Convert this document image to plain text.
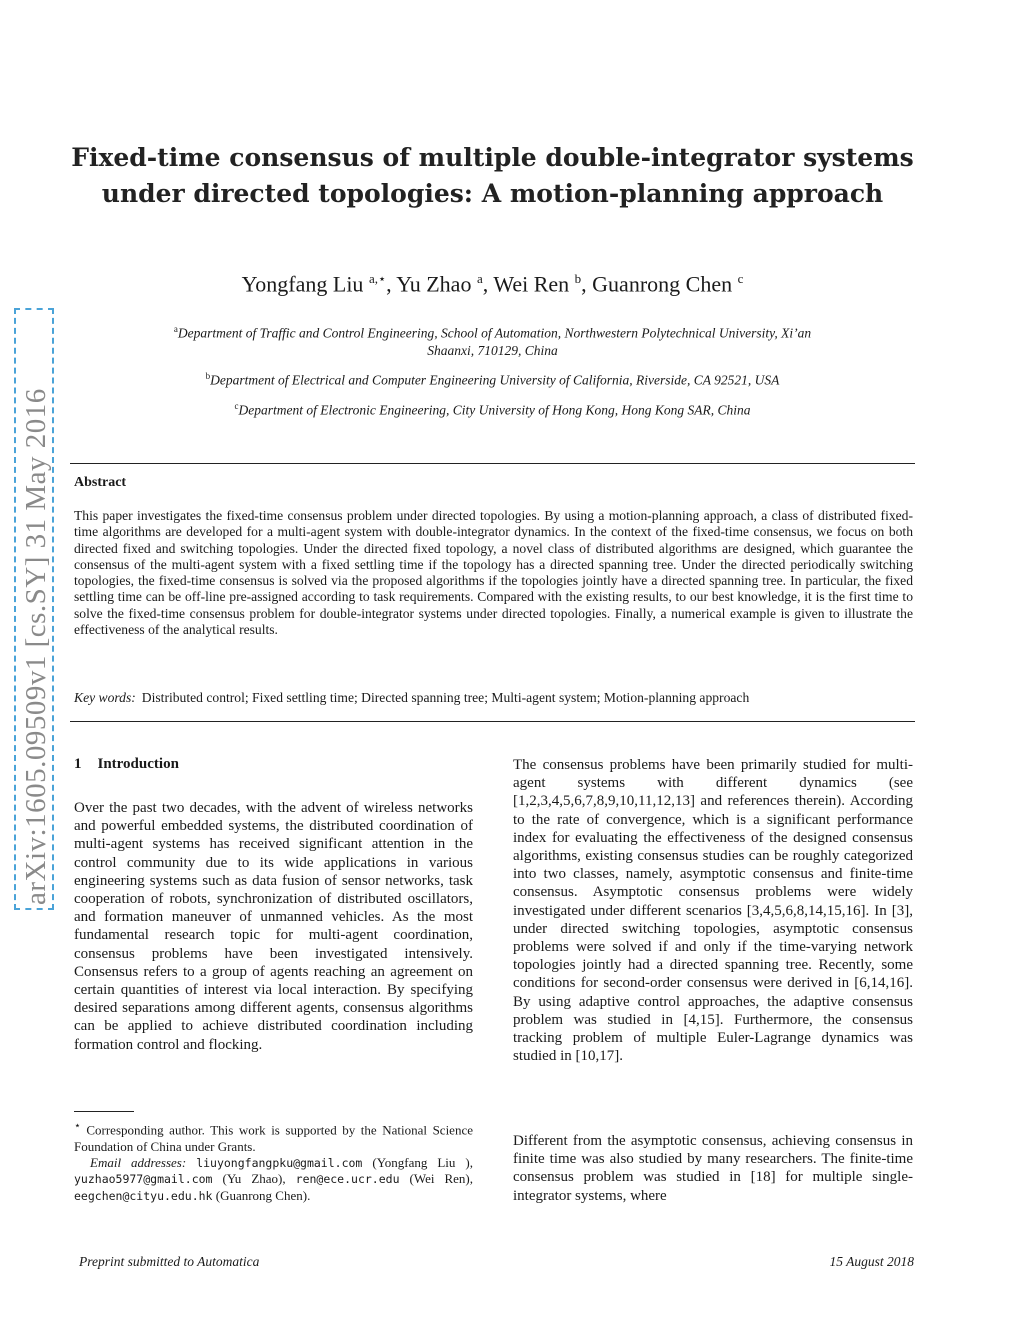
arXiv:1605.09509v1 [cs.SY] 31 May 2016
Fixed-time consensus of multiple double-integrator systems
under directed topologies: A motion-planning approach
Yongfang Liu $^{a,⋆}$, Yu Zhao $^a$, Wei Ren $^b$, Guanrong Chen $^c$
$^a$Department of Traffic and Control Engineering, School of Automation, Northwestern Polytechnical University, Xi’an
Shaanxi, 710129, China
$^b$Department of Electrical and Computer Engineering University of California, Riverside, CA 92521, USA
$^c$Department of Electronic Engineering, City University of Hong Kong, Hong Kong SAR, China
Abstract
This paper investigates the fixed-time consensus problem under directed topologies. By using a motion-planning approach, a class of distributed fixed-time algorithms are developed for a multi-agent system with double-integrator dynamics. In the context of the fixed-time consensus, we focus on both directed fixed and switching topologies. Under the directed fixed topology, a novel class of distributed algorithms are designed, which guarantee the consensus of the multi-agent system with a fixed settling time if the topology has a directed spanning tree. Under the directed periodically switching topologies, the fixed-time consensus is solved via the proposed algorithms if the topologies jointly have a directed spanning tree. In particular, the fixed settling time can be off-line pre-assigned according to task requirements. Compared with the existing results, to our best knowledge, it is the first time to solve the fixed-time consensus problem for double-integrator systems under directed topologies. Finally, a numerical example is given to illustrate the effectiveness of the analytical results.
Key words: Distributed control; Fixed settling time; Directed spanning tree; Multi-agent system; Motion-planning approach
1 Introduction
Over the past two decades, with the advent of wireless networks and powerful embedded systems, the distributed coordination of multi-agent systems has received significant attention in the control community due to its wide applications in various engineering systems such as data fusion of sensor networks, task cooperation of robots, synchronization of distributed oscillators, and formation maneuver of unmanned vehicles. As the most fundamental research topic for multi-agent coordination, consensus problems have been investigated intensively. Consensus refers to a group of agents reaching an agreement on certain quantities of interest via local interaction. By specifying desired separations among different agents, consensus algorithms can be applied to achieve distributed coordination including formation control and flocking.
The consensus problems have been primarily studied for multi-agent systems with different dynamics (see [1,2,3,4,5,6,7,8,9,10,11,12,13] and references therein). According to the rate of convergence, which is a significant performance index for evaluating the effectiveness of the designed consensus algorithms, existing consensus studies can be roughly categorized into two classes, namely, asymptotic consensus and finite-time consensus. Asymptotic consensus problems were widely investigated under different scenarios [3,4,5,6,8,14,15,16]. In [3], under directed switching topologies, asymptotic consensus problems were solved if and only if the time-varying network topologies jointly had a directed spanning tree. Recently, some conditions for second-order consensus were derived in [6,14,16]. By using adaptive control approaches, the adaptive consensus problem was studied in [4,15]. Furthermore, the consensus tracking problem of multiple Euler-Lagrange dynamics was studied in [10,17].
Different from the asymptotic consensus, achieving consensus in finite time was also studied by many researchers. The finite-time consensus problem was studied in [18] for multiple single-integrator systems, where
⋆ Corresponding author. This work is supported by the National Science Foundation of China under Grants.
Email addresses: liuyongfangpku@gmail.com (Yongfang Liu ), yuzhao5977@gmail.com (Yu Zhao), ren@ece.ucr.edu (Wei Ren), eegchen@cityu.edu.hk (Guanrong Chen).
Preprint submitted to Automatica	15 August 2018
